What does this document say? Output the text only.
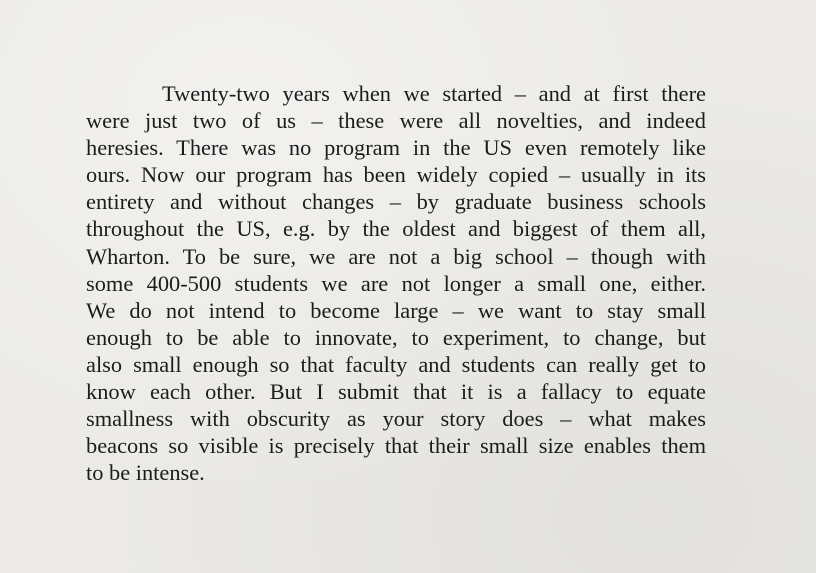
Twenty-two years when we started – and at first there
were just two of us – these were all novelties, and indeed
heresies. There was no program in the US even remotely like
ours. Now our program has been widely copied – usually in its
entirety and without changes – by graduate business schools
throughout the US, e.g. by the oldest and biggest of them all,
Wharton. To be sure, we are not a big school – though with
some 400-500 students we are not longer a small one, either.
We do not intend to become large – we want to stay small
enough to be able to innovate, to experiment, to change, but
also small enough so that faculty and students can really get to
know each other. But I submit that it is a fallacy to equate
smallness with obscurity as your story does – what makes
beacons so visible is precisely that their small size enables them
to be intense.
